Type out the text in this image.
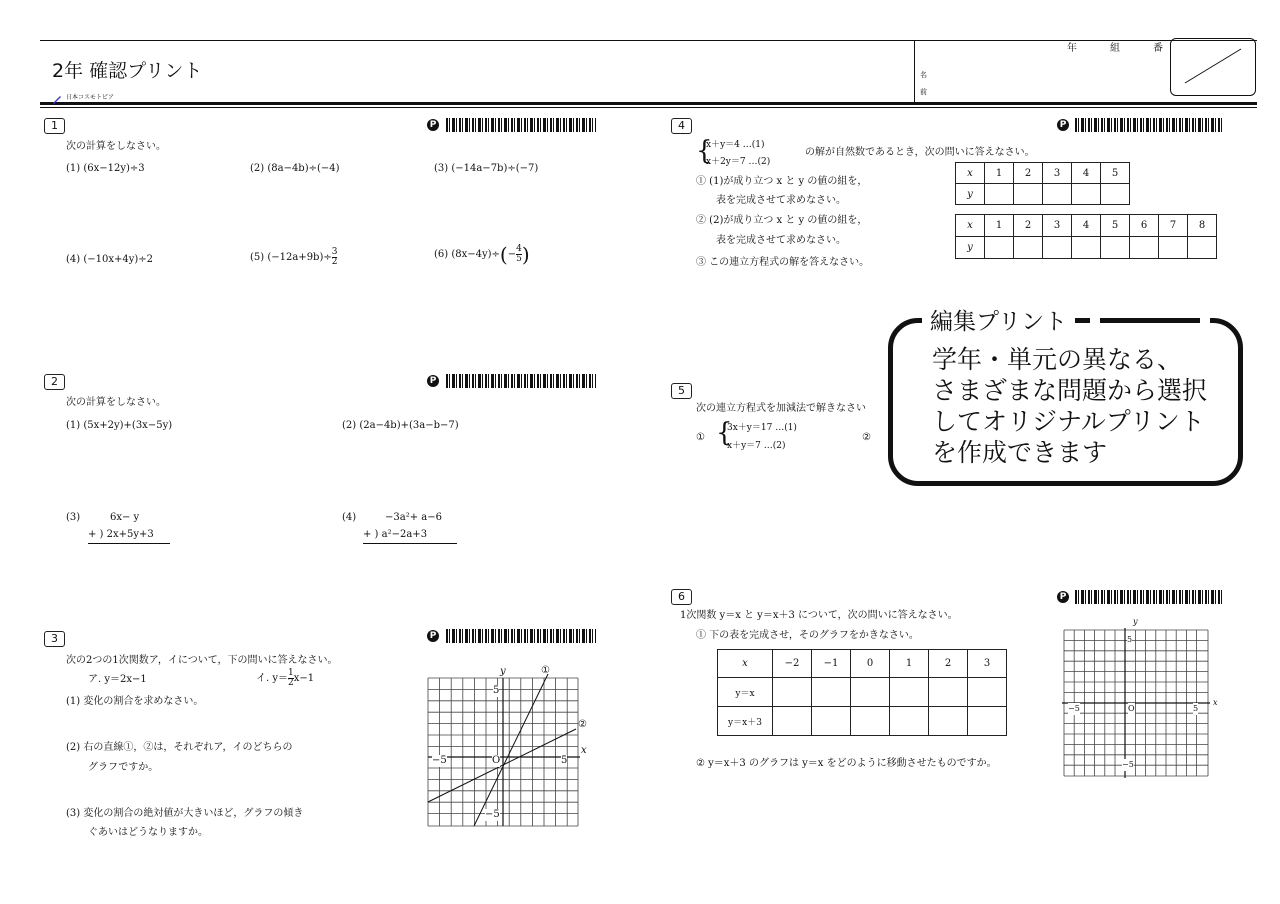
2年 確認プリント
日本コスモトピア
年	組	番
名
前
1	P
次の計算をしなさい。
(1) (6x−12y)÷3	(2) (8a−4b)÷(−4)	(3) (−14a−7b)÷(−7)
(4) (−10x+4y)÷2	(5) $(-12a+9b)\div \frac{3}{2}$	(6) $(8x-4y)\div(- \frac{4}{5}$ )
2	P
次の計算をしなさい。
(1) (5x+2y)+(3x−5y)	(2) (2a−4b)+(3a−b−7)
(3)	6x− y
+ ) 2x+5y+3
(4)	−3a²+ a−6
+ ) a²−2a+3
3	P
次の2つの1次関数ア，イについて，下の問いに答えなさい。
ア. y＝2x−1	イ. $y= \frac{1}{2} x-1$
(1) 変化の割合を求めなさい。
(2) 右の直線①，②は，それぞれア，イのどちらの
グラフですか。
(3) 変化の割合の絶対値が大きいほど，グラフの傾き
ぐあいはどうなりますか。
y	①
②
x
5
−5
−5	5
O
4	P
{
x＋y＝4 …(1)
x＋2y＝7 …(2)
の解が自然数であるとき，次の問いに答えなさい。
① (1)が成り立つ x と y の値の組を，
表を完成させて求めなさい。
② (2)が成り立つ x と y の値の組を，
表を完成させて求めなさい。
③ この連立方程式の解を答えなさい。
x	1	2	3	4	5
y					
x	1	2	3	4	5	6	7	8
y								
5
次の連立方程式を加減法で解きなさい
① {
3x＋y＝17 …(1)
x＋y＝7 …(2)
②
編集プリント
学年・単元の異なる、
さまざまな問題から選択
してオリジナルプリント
を作成できます
6	P
1次関数 y＝x と y＝x＋3 について，次の問いに答えなさい。
① 下の表を完成させ，そのグラフをかきなさい。
x	−2	−1	0	1	2	3
y＝x						
y＝x＋3						
② y＝x＋3 のグラフは y＝x をどのように移動させたものですか。
y
x
5
−5
−5	5
O
